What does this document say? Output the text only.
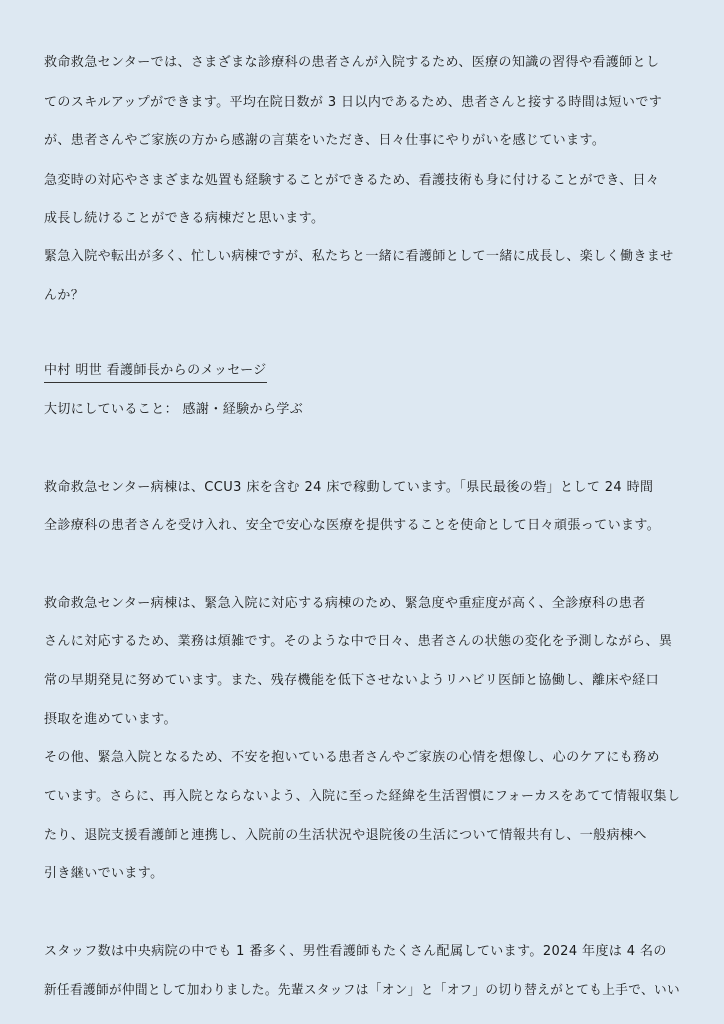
救命救急センターでは、さまざまな診療科の患者さんが入院するため、医療の知識の習得や看護師とし
てのスキルアップができます。平均在院日数が 3 日以内であるため、患者さんと接する時間は短いです
が、患者さんやご家族の方から感謝の言葉をいただき、日々仕事にやりがいを感じています。
急変時の対応やさまざまな処置も経験することができるため、看護技術も身に付けることができ、日々
成長し続けることができる病棟だと思います。
緊急入院や転出が多く、忙しい病棟ですが、私たちと一緒に看護師として一緒に成長し、楽しく働きませ
んか？
中村 明世 看護師長からのメッセージ
大切にしていること： 感謝・経験から学ぶ
救命救急センター病棟は、CCU3 床を含む 24 床で稼動しています。「県民最後の砦」として 24 時間
全診療科の患者さんを受け入れ、安全で安心な医療を提供することを使命として日々頑張っています。
救命救急センター病棟は、緊急入院に対応する病棟のため、緊急度や重症度が高く、全診療科の患者
さんに対応するため、業務は煩雑です。そのような中で日々、患者さんの状態の変化を予測しながら、異
常の早期発見に努めています。また、残存機能を低下させないようリハビリ医師と協働し、離床や経口
摂取を進めています。
その他、緊急入院となるため、不安を抱いている患者さんやご家族の心情を想像し、心のケアにも務め
ています。さらに、再入院とならないよう、入院に至った経緯を生活習慣にフォーカスをあてて情報収集し
たり、退院支援看護師と連携し、入院前の生活状況や退院後の生活について情報共有し、一般病棟へ
引き継いでいます。
スタッフ数は中央病院の中でも 1 番多く、男性看護師もたくさん配属しています。2024 年度は 4 名の
新任看護師が仲間として加わりました。先輩スタッフは「オン」と「オフ」の切り替えがとても上手で、いい
